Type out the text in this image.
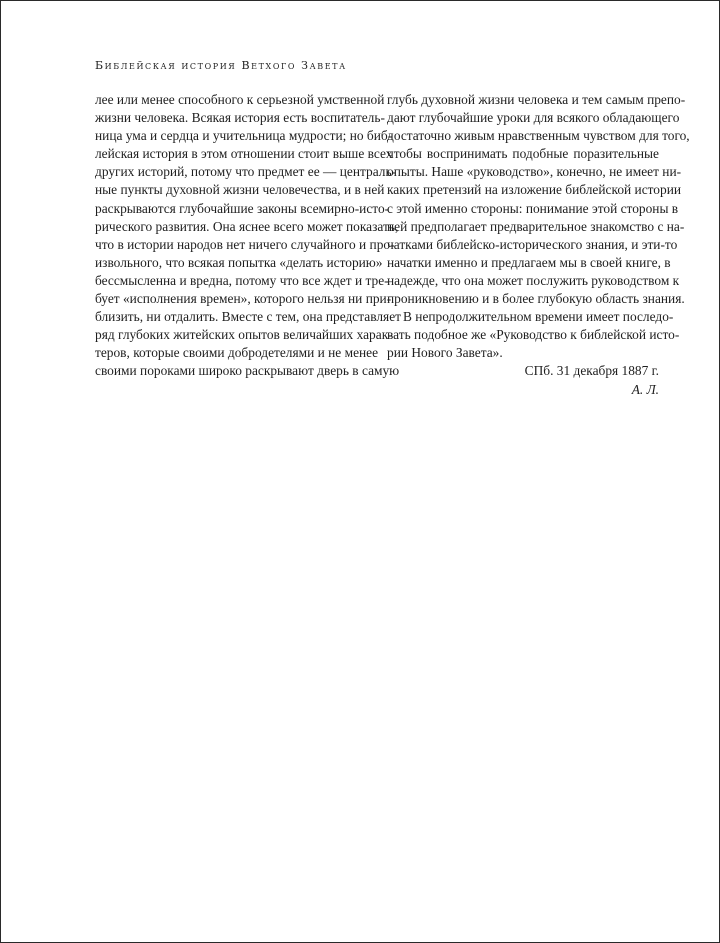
Библейская история Ветхого Завета
лее или менее способного к серьезной умственной
жизни человека. Всякая история есть воспитатель-
ница ума и сердца и учительница мудрости; но биб-
лейская история в этом отношении стоит выше всех
других историй, потому что предмет ее — централь-
ные пункты духовной жизни человечества, и в ней
раскрываются глубочайшие законы всемирно-исто-
рического развития. Она яснее всего может показать,
что в истории народов нет ничего случайного и про-
извольного, что всякая попытка «делать историю»
бессмысленна и вредна, потому что все ждет и тре-
бует «исполнения времен», которого нельзя ни при-
близить, ни отдалить. Вместе с тем, она представляет
ряд глубоких житейских опытов величайших харак-
теров, которые своими добродетелями и не менее
своими пороками широко раскрывают дверь в самую
глубь духовной жизни человека и тем самым препо-
дают глубочайшие уроки для всякого обладающего
достаточно живым нравственным чувством для того,
чтобы воспринимать подобные поразительные
опыты. Наше «руководство», конечно, не имеет ни-
каких претензий на изложение библейской истории
с этой именно стороны: понимание этой стороны в
ней предполагает предварительное знакомство с на-
чатками библейско-исторического знания, и эти-то
начатки именно и предлагаем мы в своей книге, в
надежде, что она может послужить руководством к
проникновению и в более глубокую область знания.
В непродолжительном времени имеет последо-
вать подобное же «Руководство к библейской исто-
рии Нового Завета».
СПб. 31 декабря 1887 г.
А. Л.
